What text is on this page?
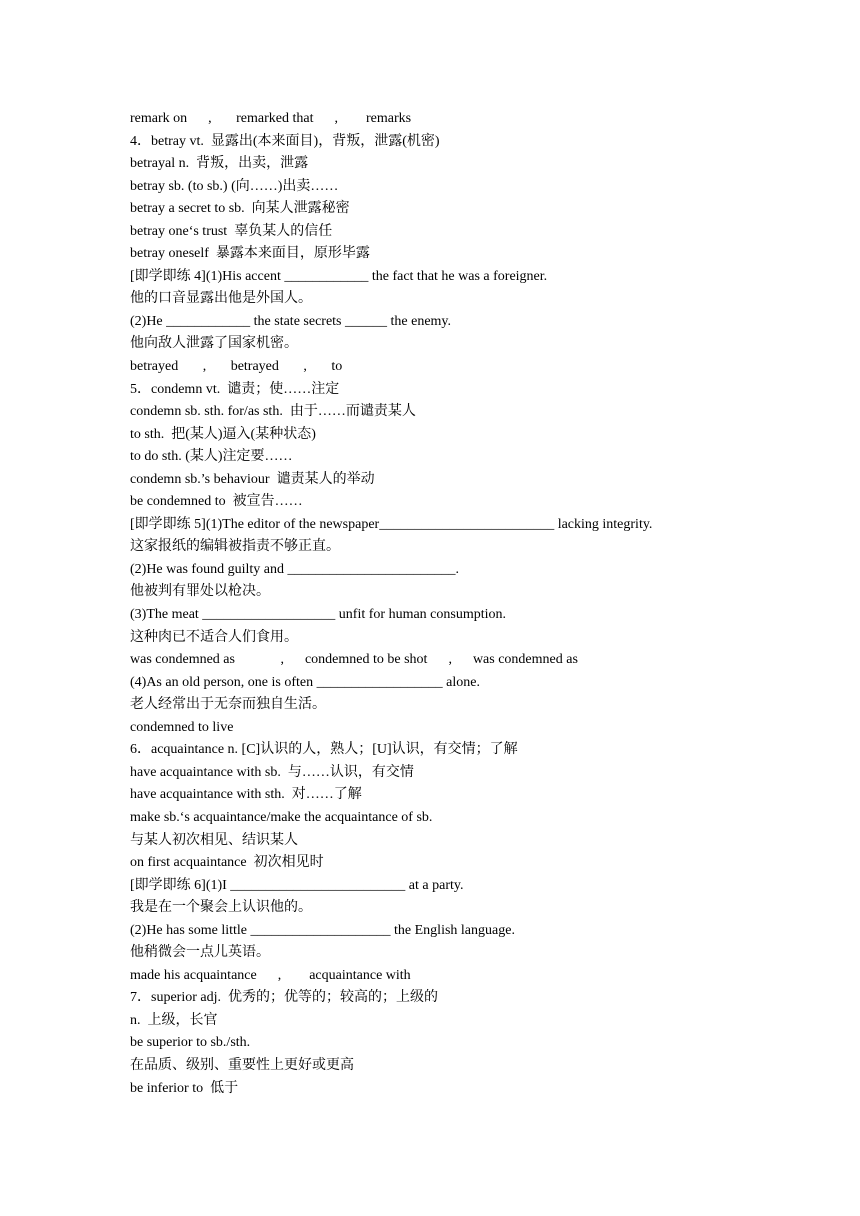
remark on      ,       remarked that      ,        remarks
4．betray vt.  显露出(本来面目)，背叛，泄露(机密)
betrayal n.  背叛，出卖，泄露
betray sb. (to sb.) (向……)出卖……
betray a secret to sb.  向某人泄露秘密
betray one‘s trust  辜负某人的信任
betray oneself  暴露本来面目，原形毕露
[即学即练 4](1)His accent ____________ the fact that he was a foreigner.
他的口音显露出他是外国人。
(2)He ____________ the state secrets ______ the enemy.
他向敌人泄露了国家机密。
betrayed       ,       betrayed       ,       to
5．condemn vt.  谴责；使……注定
condemn sb. sth. for/as sth.  由于……而谴责某人
to sth.  把(某人)逼入(某种状态)
to do sth. (某人)注定要……
condemn sb.’s behaviour  谴责某人的举动
be condemned to  被宣告……
[即学即练 5](1)The editor of the newspaper_________________________ lacking integrity.
这家报纸的编辑被指责不够正直。
(2)He was found guilty and ________________________.
他被判有罪处以枪决。
(3)The meat ___________________ unfit for human consumption.
这种肉已不适合人们食用。
was condemned as             ,      condemned to be shot      ,      was condemned as
(4)As an old person, one is often __________________ alone.
老人经常出于无奈而独自生活。
condemned to live
6．acquaintance n. [C]认识的人，熟人；[U]认识，有交情；了解
have acquaintance with sb.  与……认识，有交情
have acquaintance with sth.  对……了解
make sb.‘s acquaintance/make the acquaintance of sb.
与某人初次相见、结识某人
on first acquaintance  初次相见时
[即学即练 6](1)I _________________________ at a party.
我是在一个聚会上认识他的。
(2)He has some little ____________________ the English language.
他稍微会一点儿英语。
made his acquaintance      ,        acquaintance with
7．superior adj.  优秀的；优等的；较高的；上级的
n.  上级，长官
be superior to sb./sth.
在品质、级别、重要性上更好或更高
be inferior to  低于
